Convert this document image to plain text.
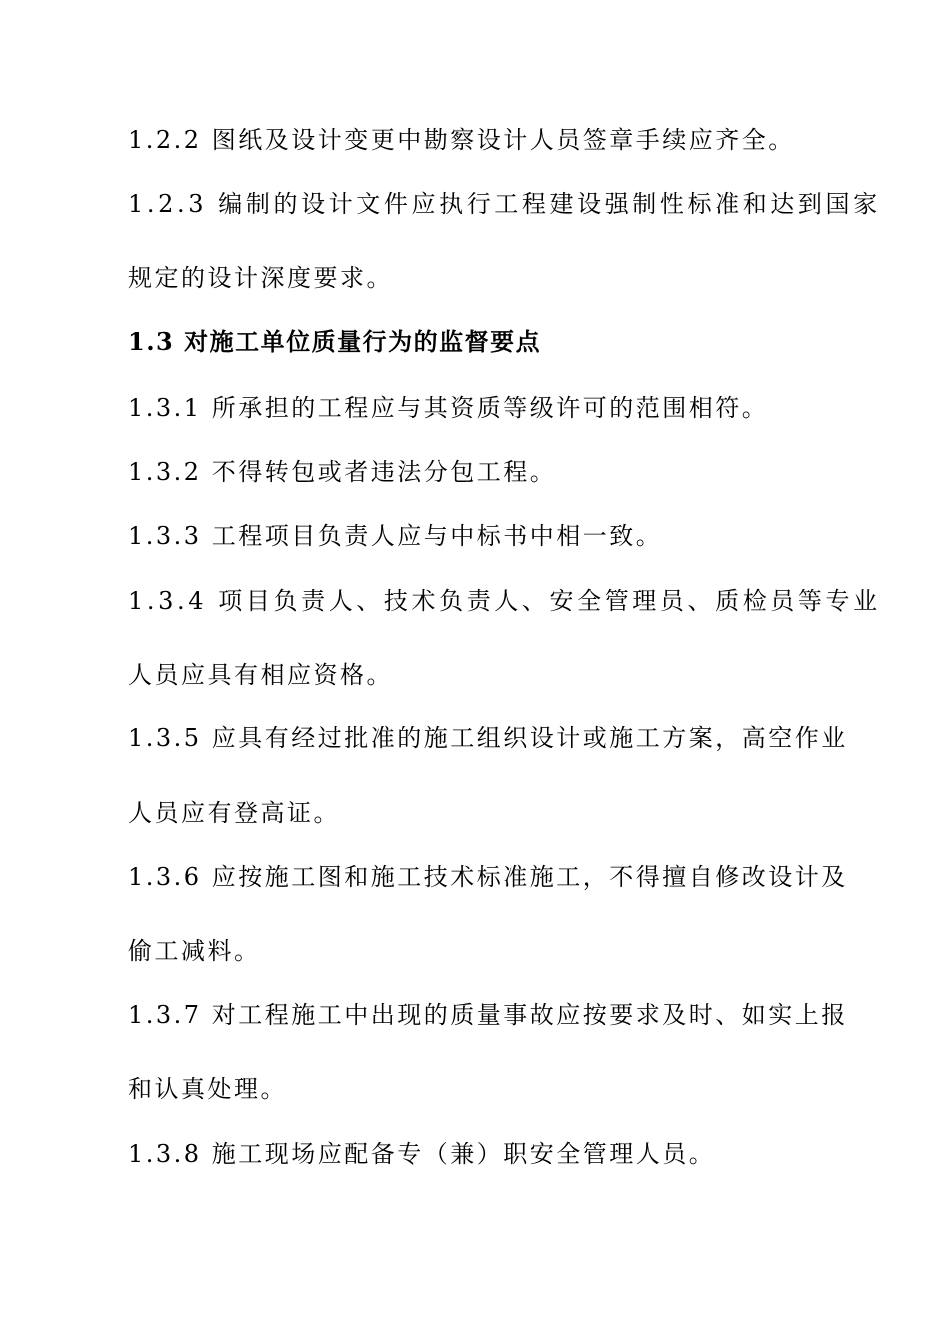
1.2.2 图纸及设计变更中勘察设计人员签章手续应齐全。
1.2.3 编制的设计文件应执行工程建设强制性标准和达到国家
规定的设计深度要求。
1.3 对施工单位质量行为的监督要点
1.3.1 所承担的工程应与其资质等级许可的范围相符。
1.3.2 不得转包或者违法分包工程。
1.3.3 工程项目负责人应与中标书中相一致。
1.3.4 项目负责人、技术负责人、安全管理员、质检员等专业
人员应具有相应资格。
1.3.5 应具有经过批准的施工组织设计或施工方案，高空作业
人员应有登高证。
1.3.6 应按施工图和施工技术标准施工，不得擅自修改设计及
偷工减料。
1.3.7 对工程施工中出现的质量事故应按要求及时、如实上报
和认真处理。
1.3.8 施工现场应配备专（兼）职安全管理人员。
